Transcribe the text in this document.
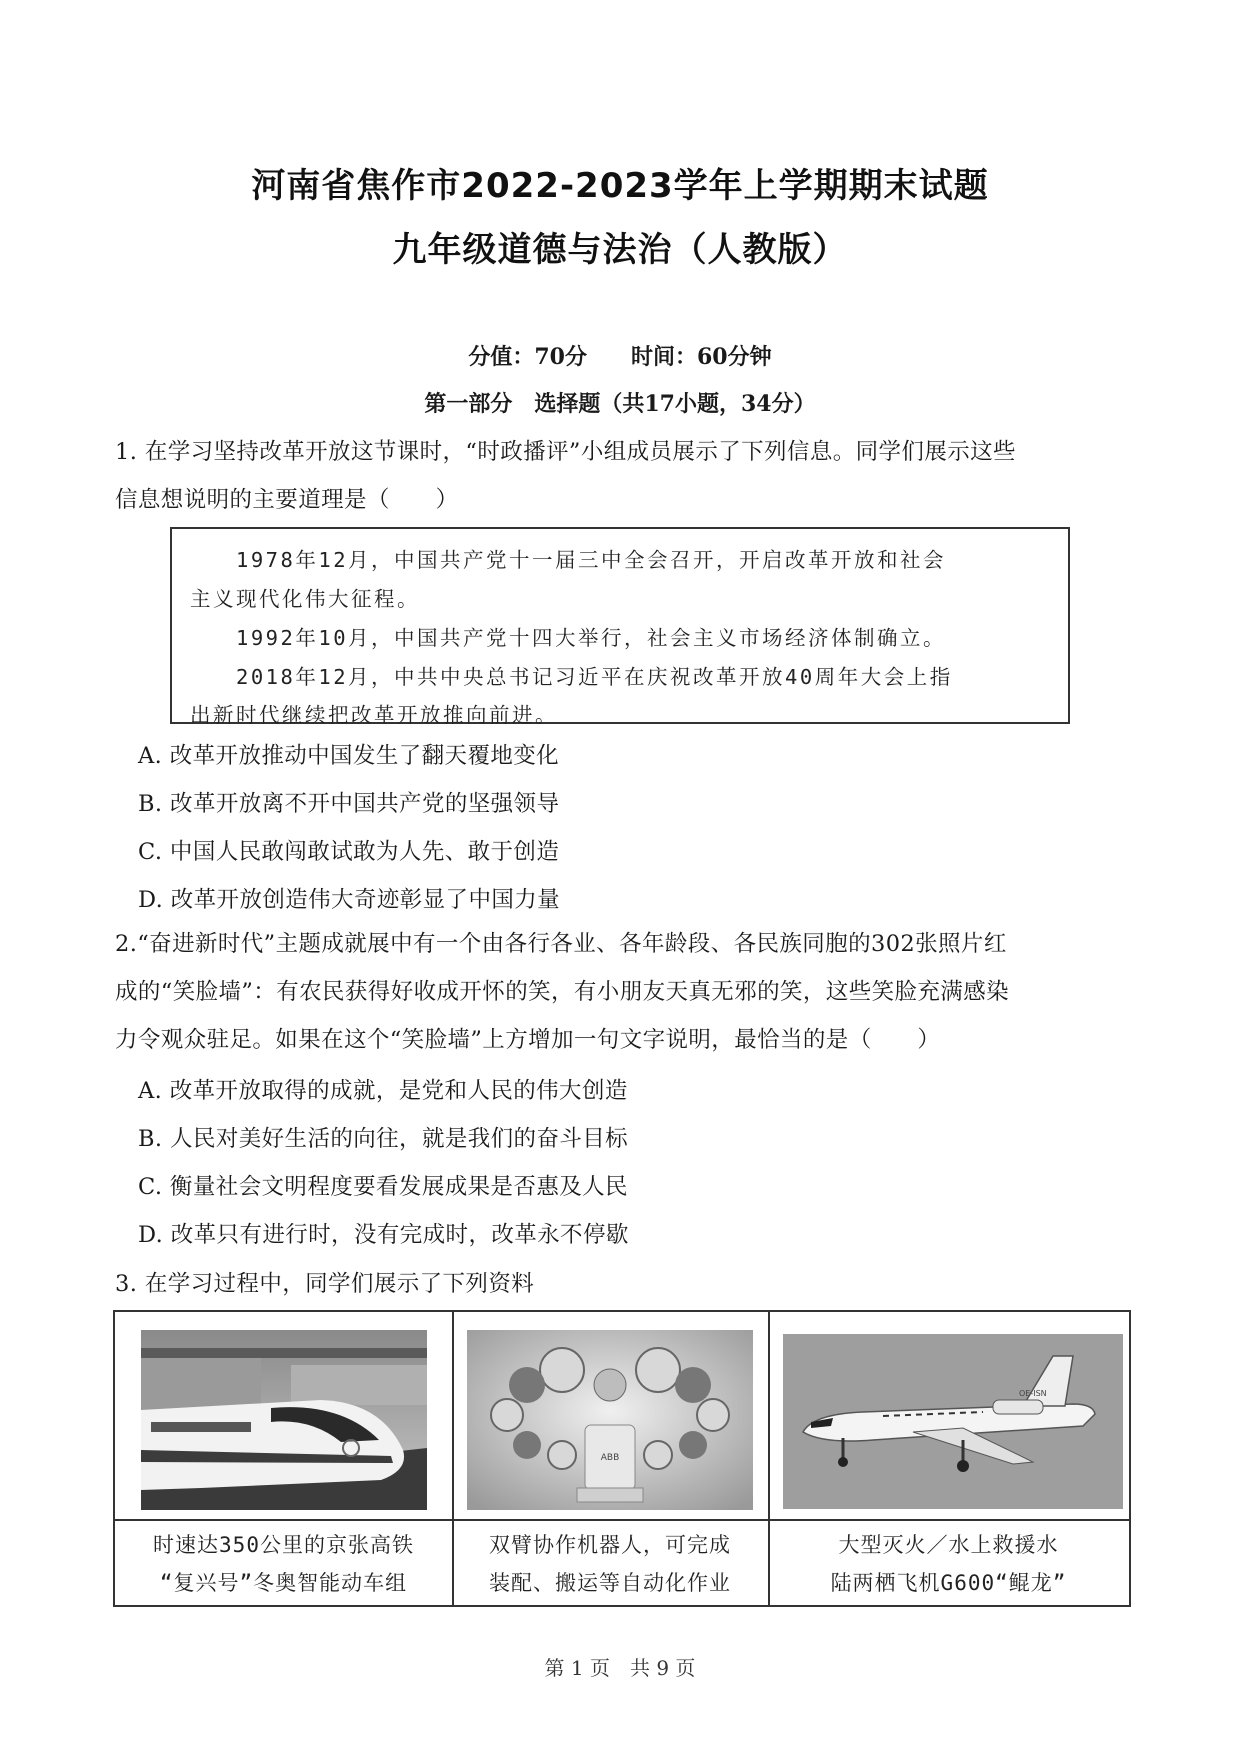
河南省焦作市2022-2023学年上学期期末试题
九年级道德与法治（人教版）
分值：70分　　时间：60分钟
第一部分　选择题（共17小题，34分）
1. 在学习坚持改革开放这节课时，“时政播评”小组成员展示了下列信息。同学们展示这些
信息想说明的主要道理是（　　）
　　1978年12月，中国共产党十一届三中全会召开，开启改革开放和社会
主义现代化伟大征程。
　　1992年10月，中国共产党十四大举行，社会主义市场经济体制确立。
　　2018年12月，中共中央总书记习近平在庆祝改革开放40周年大会上指
出新时代继续把改革开放推向前进。
A. 改革开放推动中国发生了翻天覆地变化
B. 改革开放离不开中国共产党的坚强领导
C. 中国人民敢闯敢试敢为人先、敢于创造
D. 改革开放创造伟大奇迹彰显了中国力量
2.“奋进新时代”主题成就展中有一个由各行各业、各年龄段、各民族同胞的302张照片红
成的“笑脸墙”：有农民获得好收成开怀的笑，有小朋友天真无邪的笑，这些笑脸充满感染
力令观众驻足。如果在这个“笑脸墙”上方增加一句文字说明，最恰当的是（　　）
A. 改革开放取得的成就，是党和人民的伟大创造
B. 人民对美好生活的向往，就是我们的奋斗目标
C. 衡量社会文明程度要看发展成果是否惠及人民
D. 改革只有进行时，没有完成时，改革永不停歇
3. 在学习过程中，同学们展示了下列资料
时速达350公里的京张高铁
“复兴号”冬奥智能动车组
ABB
双臂协作机器人，可完成
装配、搬运等自动化作业
OE-ISN
大型灭火／水上救援水
陆两栖飞机G600“鲲龙”
第 1 页　共 9 页
